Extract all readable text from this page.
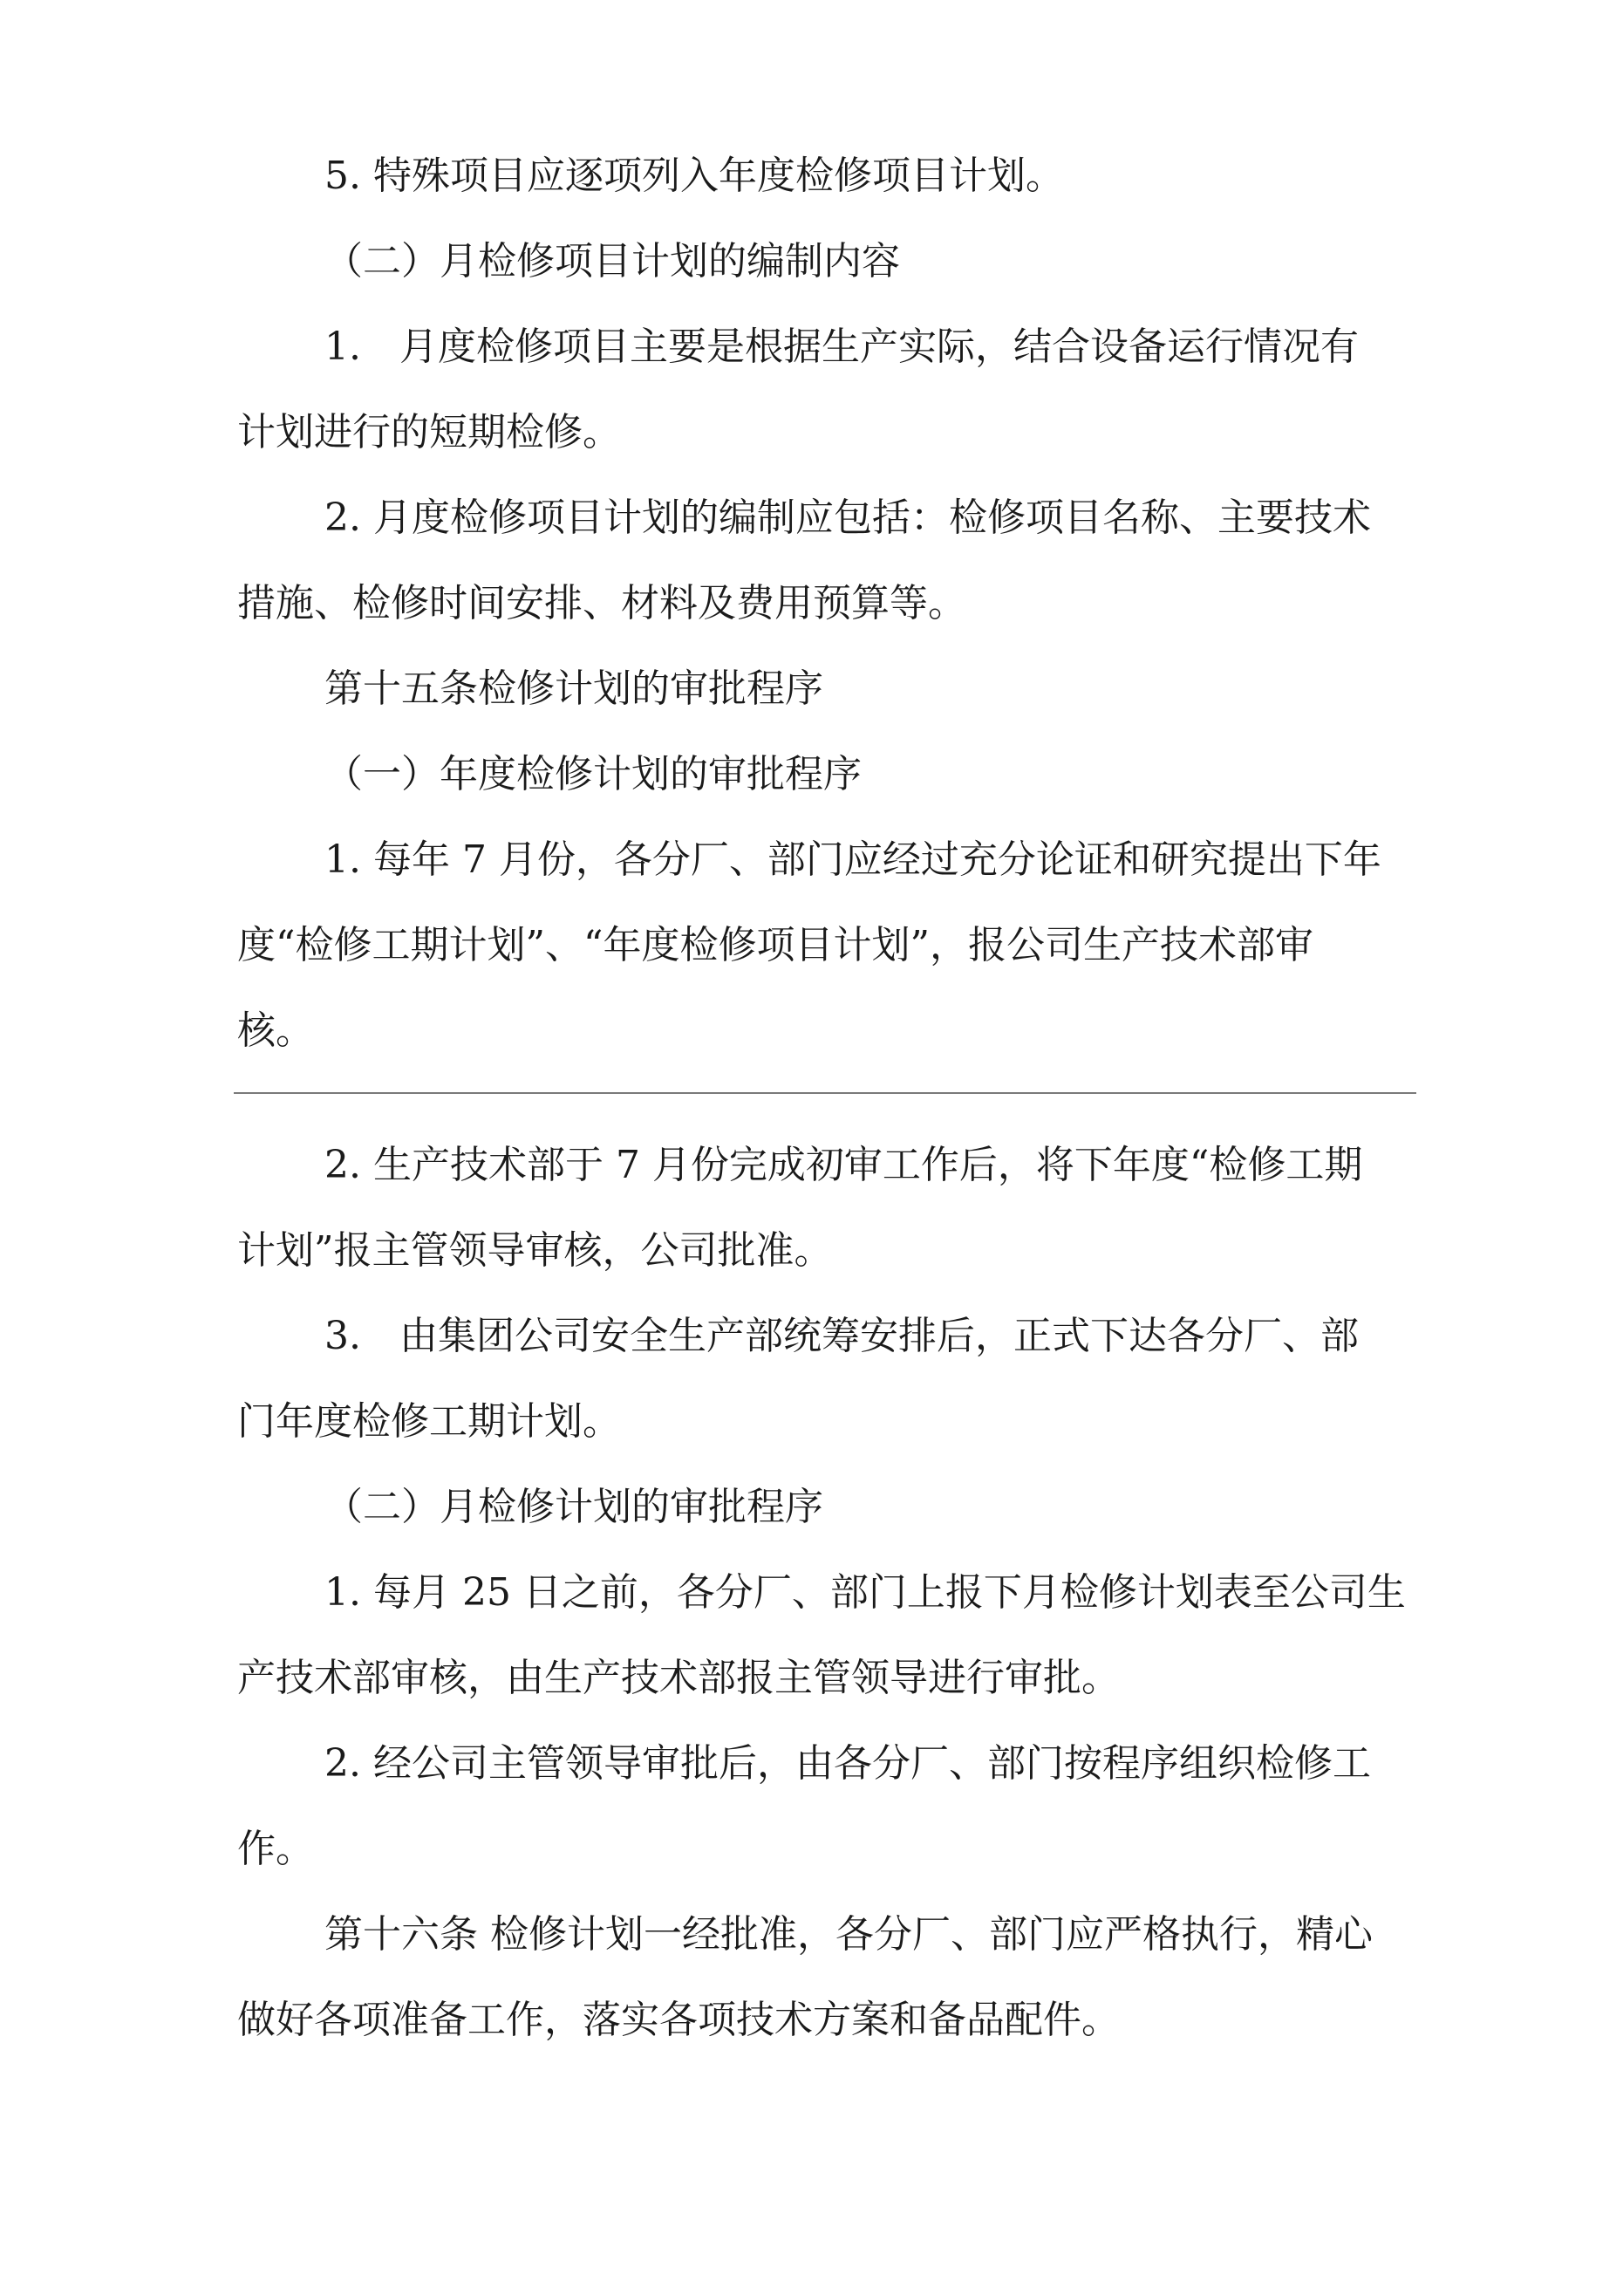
5. 特殊项目应逐项列入年度检修项目计划。
（二）月检修项目计划的编制内容
1.　月度检修项目主要是根据生产实际，结合设备运行情况有
计划进行的短期检修。
2. 月度检修项目计划的编制应包括：检修项目名称、主要技术
措施、检修时间安排、材料及费用预算等。
第十五条检修计划的审批程序
（一）年度检修计划的审批程序
1. 每年 7 月份，各分厂、部门应经过充分论证和研究提出下年
度“检修工期计划”、“年度检修项目计划”，报公司生产技术部审
核。
2. 生产技术部于 7 月份完成初审工作后，将下年度“检修工期
计划”报主管领导审核，公司批准。
3.　由集团公司安全生产部统筹安排后，正式下达各分厂、部
门年度检修工期计划。
（二）月检修计划的审批程序
1. 每月 25 日之前，各分厂、部门上报下月检修计划表至公司生
产技术部审核，由生产技术部报主管领导进行审批。
2. 经公司主管领导审批后，由各分厂、部门按程序组织检修工
作。
第十六条 检修计划一经批准，各分厂、部门应严格执行，精心
做好各项准备工作，落实各项技术方案和备品配件。
